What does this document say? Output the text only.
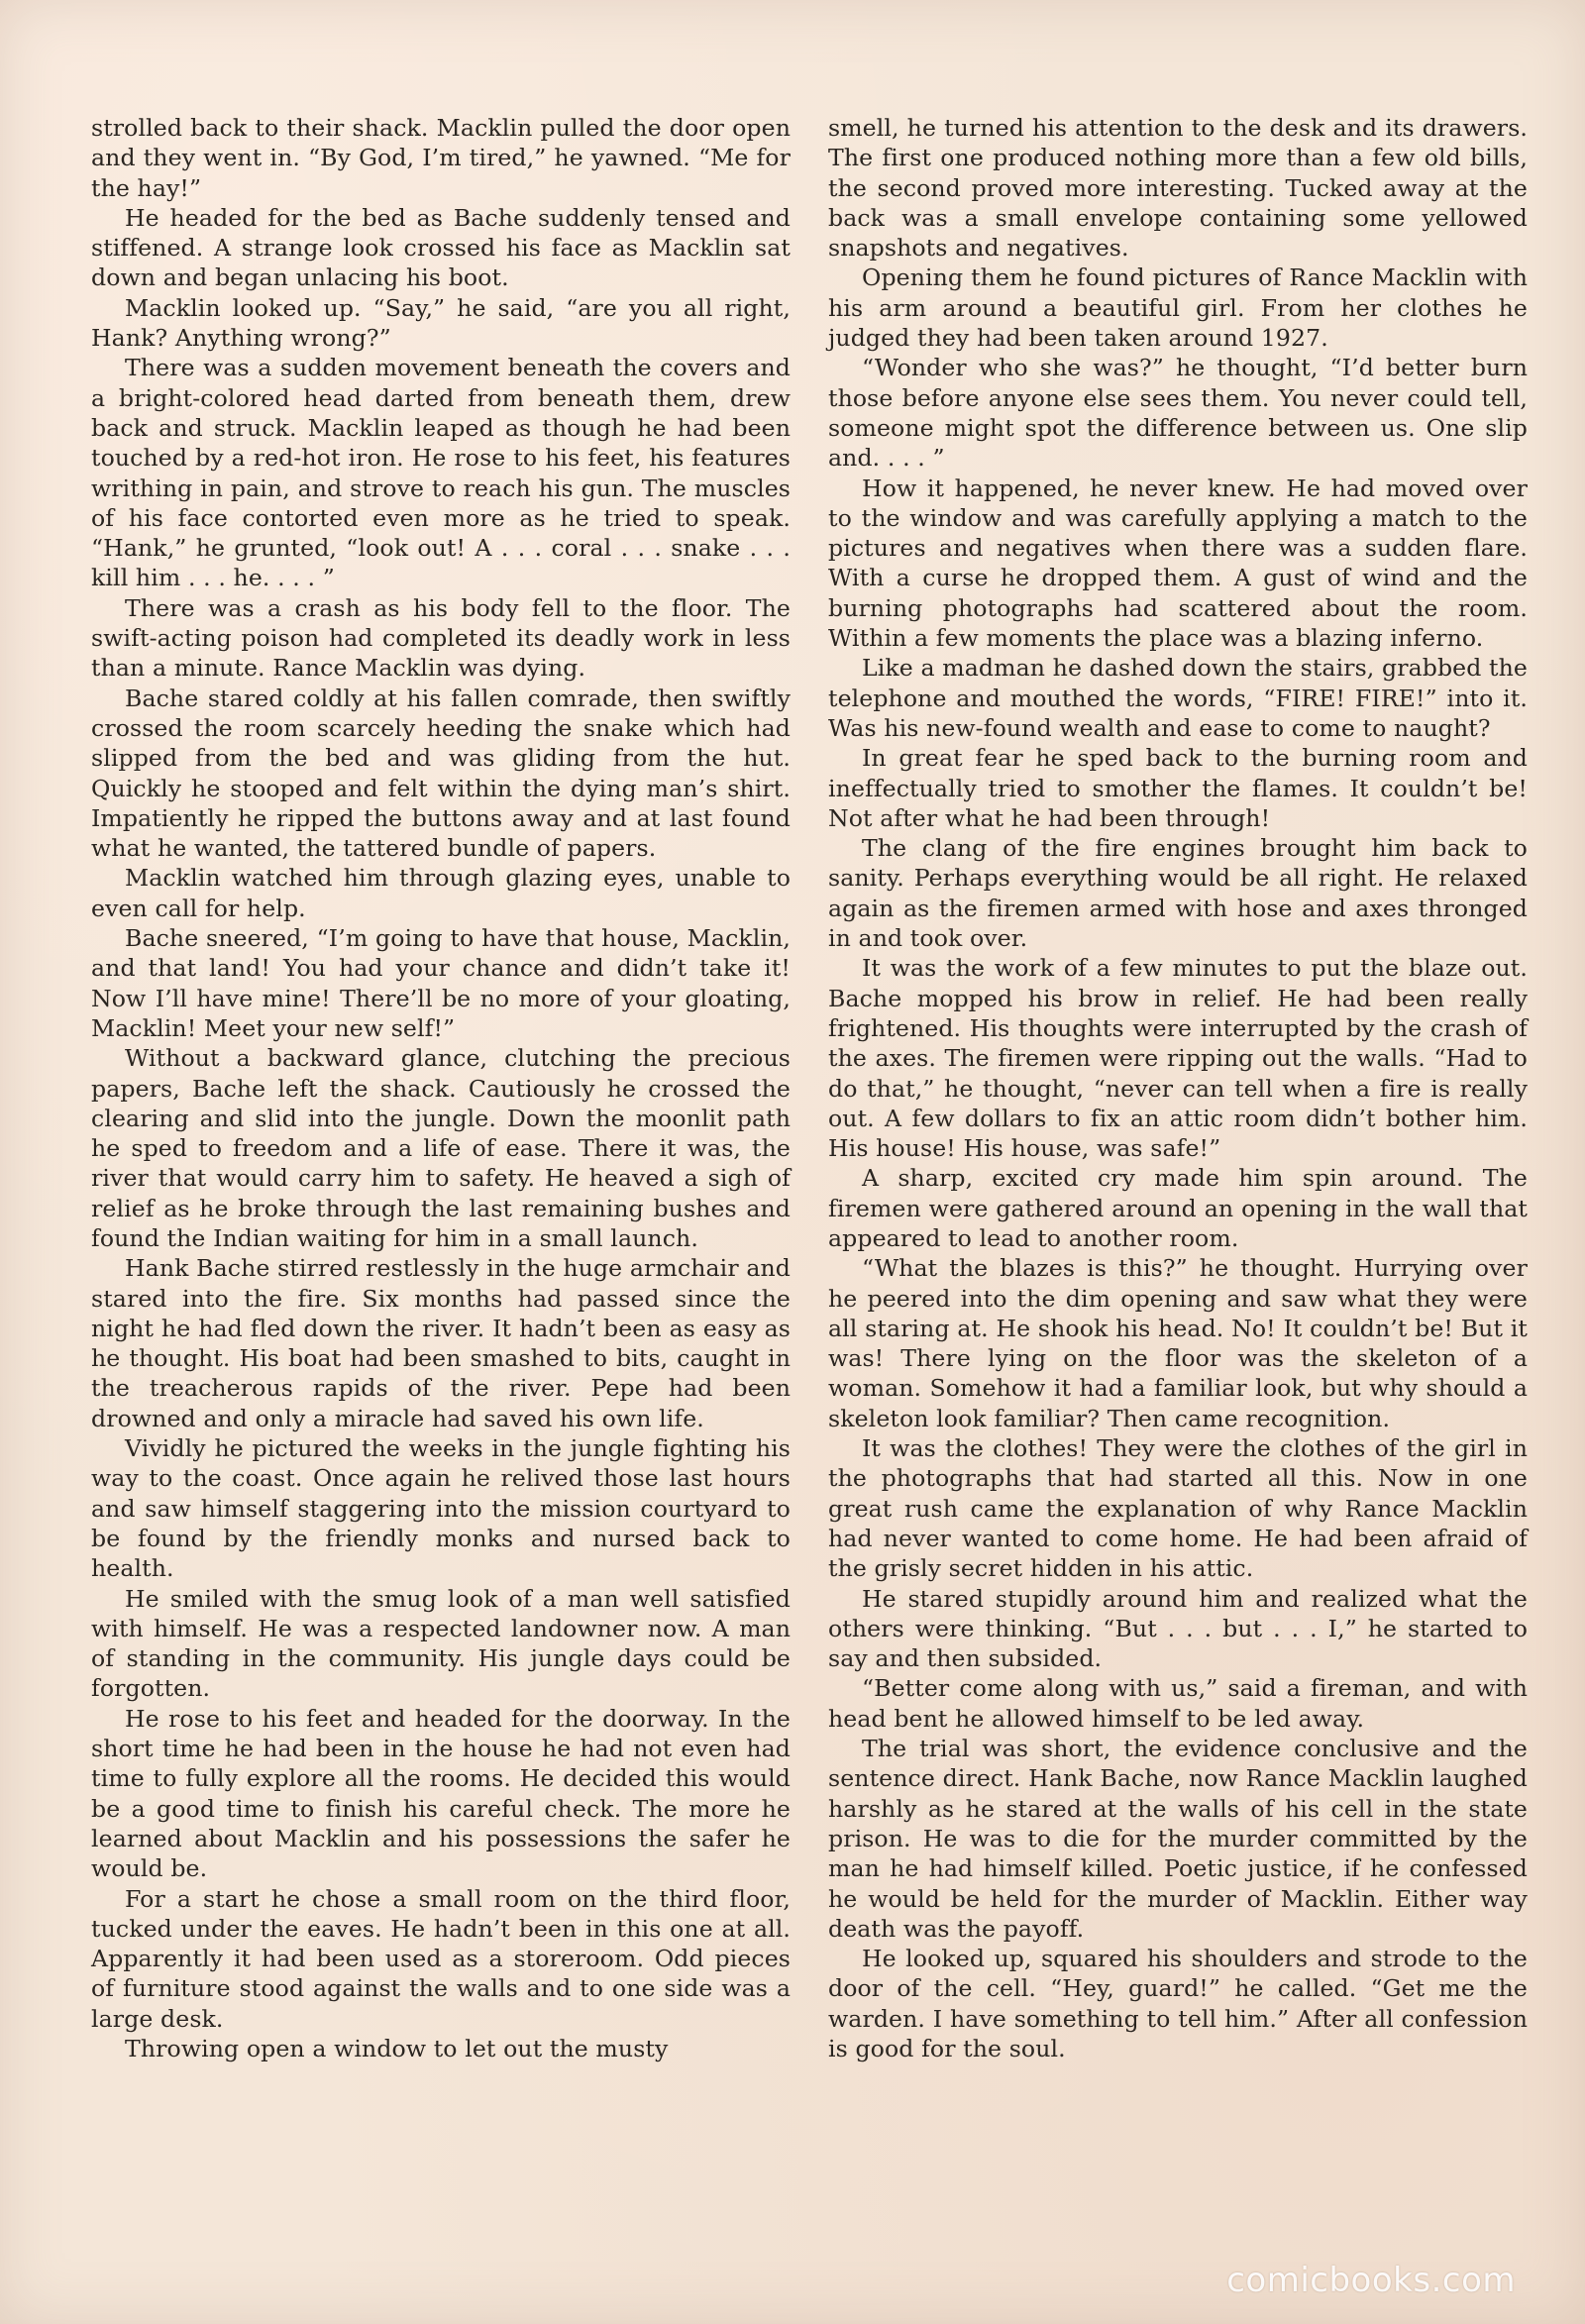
strolled back to their shack. Macklin pulled the door open and they went in. “By God, I’m tired,” he yawned. “Me for the hay!”

He headed for the bed as Bache suddenly tensed and stiffened. A strange look crossed his face as Macklin sat down and began unlacing his boot.

Macklin looked up. “Say,” he said, “are you all right, Hank? Anything wrong?”

There was a sudden movement beneath the covers and a bright-colored head darted from beneath them, drew back and struck. Macklin leaped as though he had been touched by a red-hot iron. He rose to his feet, his features writhing in pain, and strove to reach his gun. The muscles of his face contorted even more as he tried to speak. “Hank,” he grunted, “look out! A . . . coral . . . snake . . . kill him . . . he. . . . ”

There was a crash as his body fell to the floor. The swift-acting poison had completed its deadly work in less than a minute. Rance Macklin was dying.

Bache stared coldly at his fallen comrade, then swiftly crossed the room scarcely heeding the snake which had slipped from the bed and was gliding from the hut. Quickly he stooped and felt within the dying man’s shirt. Impatiently he ripped the buttons away and at last found what he wanted, the tattered bundle of papers.

Macklin watched him through glazing eyes, unable to even call for help.

Bache sneered, “I’m going to have that house, Macklin, and that land! You had your chance and didn’t take it! Now I’ll have mine! There’ll be no more of your gloating, Macklin! Meet your new self!”

Without a backward glance, clutching the precious papers, Bache left the shack. Cautiously he crossed the clearing and slid into the jungle. Down the moonlit path he sped to freedom and a life of ease. There it was, the river that would carry him to safety. He heaved a sigh of relief as he broke through the last remaining bushes and found the Indian waiting for him in a small launch.

Hank Bache stirred restlessly in the huge armchair and stared into the fire. Six months had passed since the night he had fled down the river. It hadn’t been as easy as he thought. His boat had been smashed to bits, caught in the treacherous rapids of the river. Pepe had been drowned and only a miracle had saved his own life.

Vividly he pictured the weeks in the jungle fighting his way to the coast. Once again he relived those last hours and saw himself staggering into the mission courtyard to be found by the friendly monks and nursed back to health.

He smiled with the smug look of a man well satisfied with himself. He was a respected landowner now. A man of standing in the community. His jungle days could be forgotten.

He rose to his feet and headed for the doorway. In the short time he had been in the house he had not even had time to fully explore all the rooms. He decided this would be a good time to finish his careful check. The more he learned about Macklin and his possessions the safer he would be.

For a start he chose a small room on the third floor, tucked under the eaves. He hadn’t been in this one at all. Apparently it had been used as a storeroom. Odd pieces of furniture stood against the walls and to one side was a large desk.

Throwing open a window to let out the musty

smell, he turned his attention to the desk and its drawers. The first one produced nothing more than a few old bills, the second proved more interesting. Tucked away at the back was a small envelope containing some yellowed snapshots and negatives.

Opening them he found pictures of Rance Macklin with his arm around a beautiful girl. From her clothes he judged they had been taken around 1927.

“Wonder who she was?” he thought, “I’d better burn those before anyone else sees them. You never could tell, someone might spot the difference between us. One slip and. . . . ”

How it happened, he never knew. He had moved over to the window and was carefully applying a match to the pictures and negatives when there was a sudden flare. With a curse he dropped them. A gust of wind and the burning photographs had scattered about the room. Within a few moments the place was a blazing inferno.

Like a madman he dashed down the stairs, grabbed the telephone and mouthed the words, “FIRE! FIRE!” into it. Was his new-found wealth and ease to come to naught?

In great fear he sped back to the burning room and ineffectually tried to smother the flames. It couldn’t be! Not after what he had been through!

The clang of the fire engines brought him back to sanity. Perhaps everything would be all right. He relaxed again as the firemen armed with hose and axes thronged in and took over.

It was the work of a few minutes to put the blaze out. Bache mopped his brow in relief. He had been really frightened. His thoughts were interrupted by the crash of the axes. The firemen were ripping out the walls. “Had to do that,” he thought, “never can tell when a fire is really out. A few dollars to fix an attic room didn’t bother him. His house! His house, was safe!”

A sharp, excited cry made him spin around. The firemen were gathered around an opening in the wall that appeared to lead to another room.

“What the blazes is this?” he thought. Hurrying over he peered into the dim opening and saw what they were all staring at. He shook his head. No! It couldn’t be! But it was! There lying on the floor was the skeleton of a woman. Somehow it had a familiar look, but why should a skeleton look familiar? Then came recognition.

It was the clothes! They were the clothes of the girl in the photographs that had started all this. Now in one great rush came the explanation of why Rance Macklin had never wanted to come home. He had been afraid of the grisly secret hidden in his attic.

He stared stupidly around him and realized what the others were thinking. “But . . . but . . . I,” he started to say and then subsided.

“Better come along with us,” said a fireman, and with head bent he allowed himself to be led away.

The trial was short, the evidence conclusive and the sentence direct. Hank Bache, now Rance Macklin laughed harshly as he stared at the walls of his cell in the state prison. He was to die for the murder committed by the man he had himself killed. Poetic justice, if he confessed he would be held for the murder of Macklin. Either way death was the payoff.

He looked up, squared his shoulders and strode to the door of the cell. “Hey, guard!” he called. “Get me the warden. I have something to tell him.” After all confession is good for the soul.

comicbooks.com
